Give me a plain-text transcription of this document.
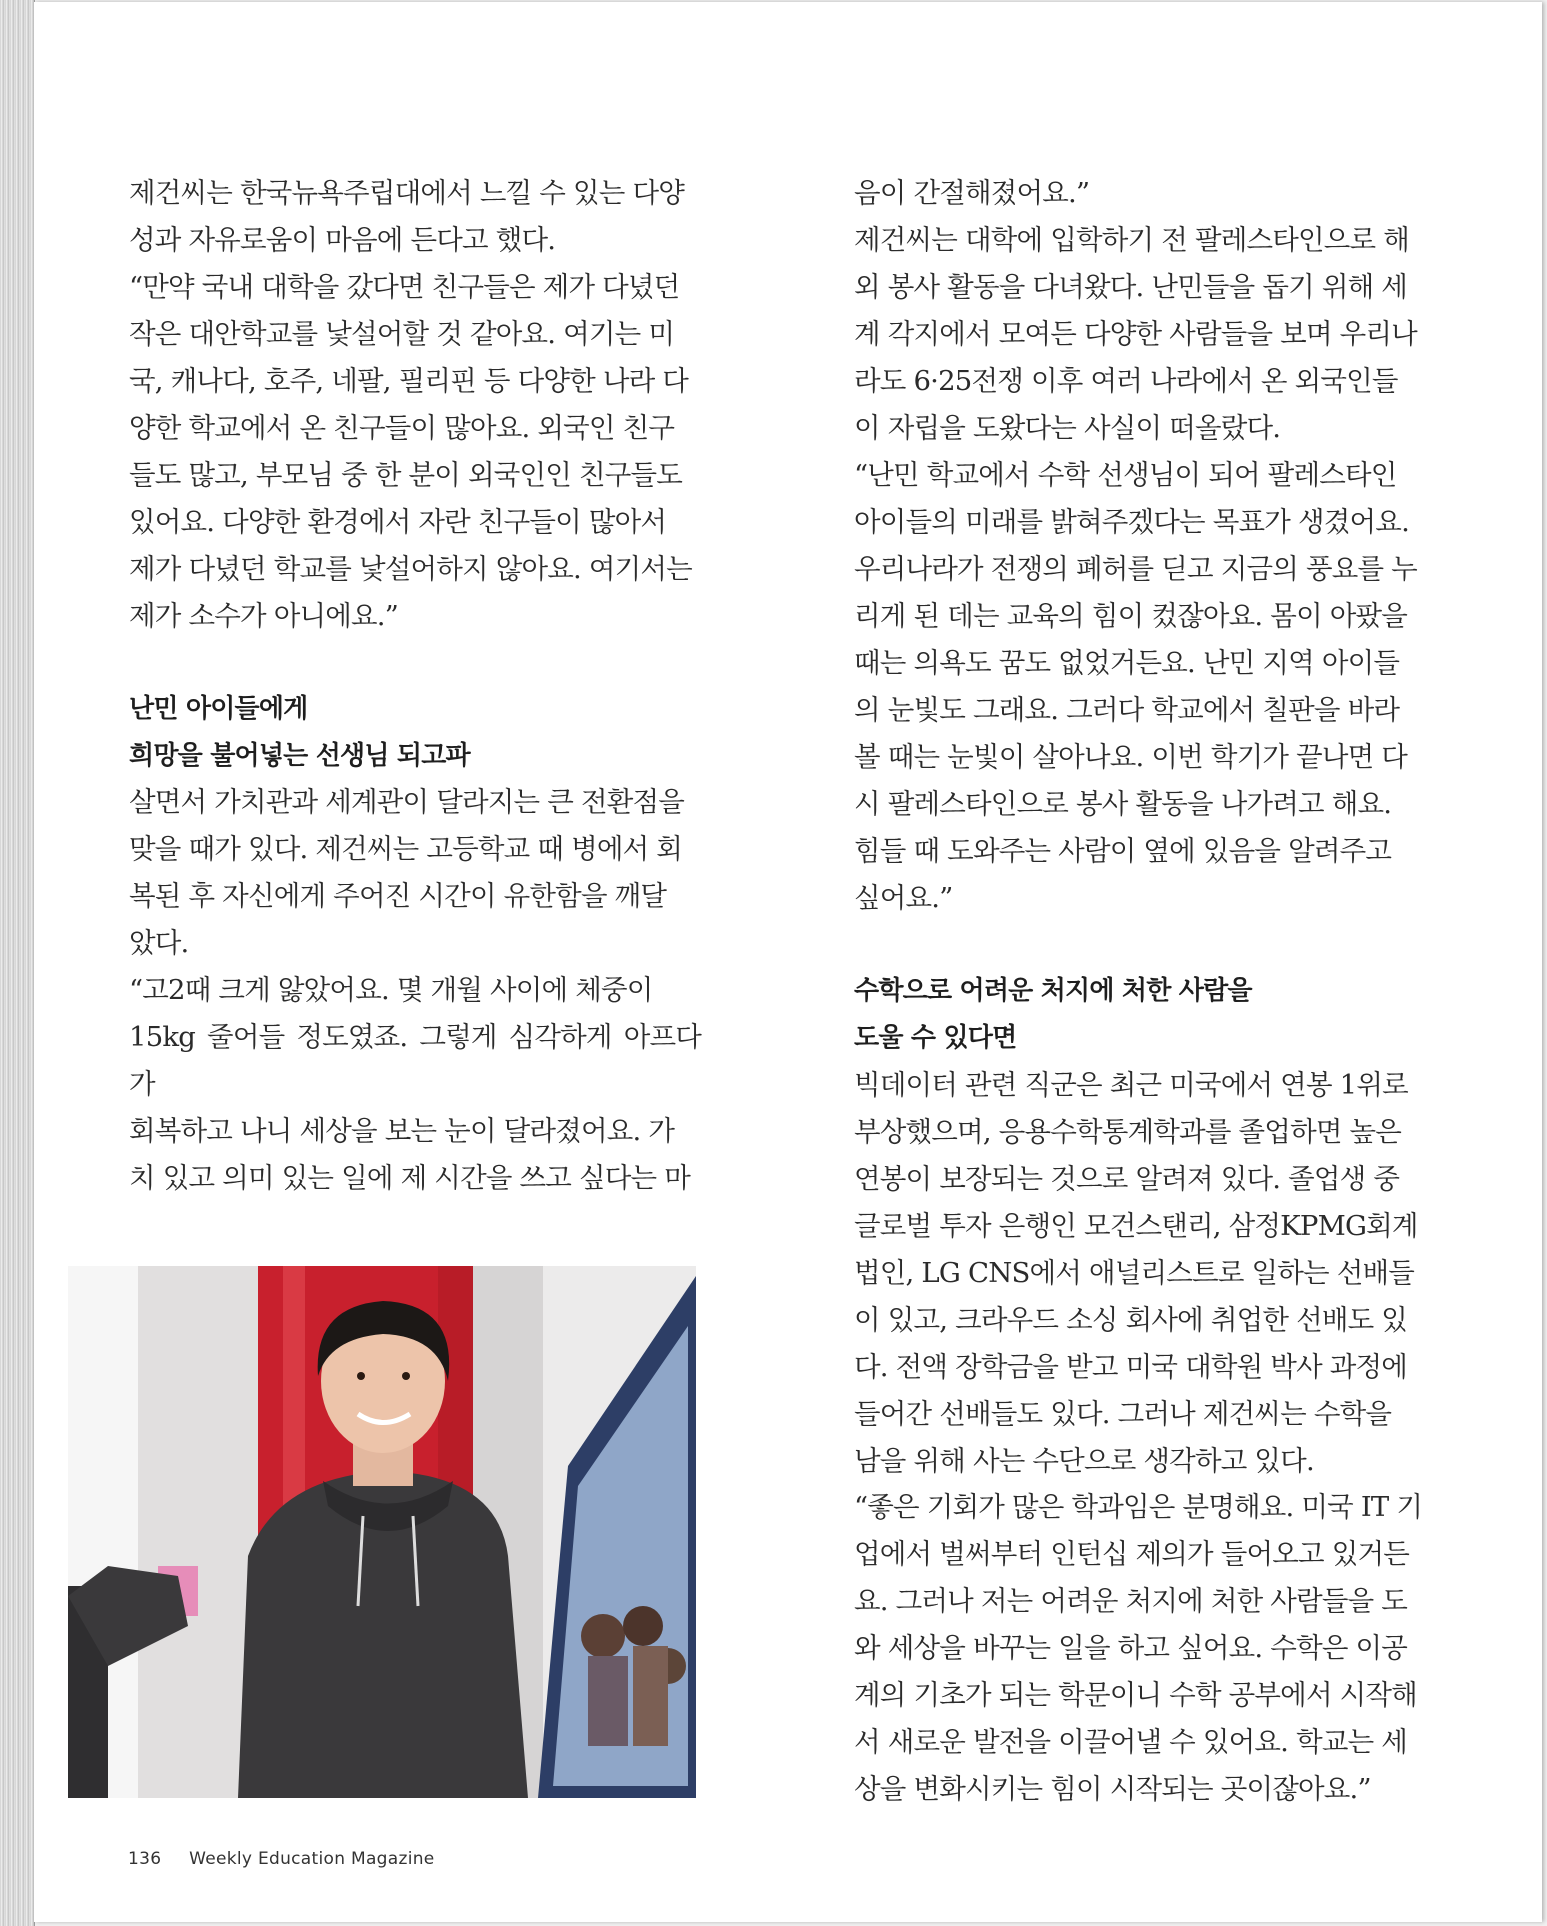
제건씨는 한국뉴욕주립대에서 느낄 수 있는 다양
성과 자유로움이 마음에 든다고 했다.

“만약 국내 대학을 갔다면 친구들은 제가 다녔던
작은 대안학교를 낯설어할 것 같아요. 여기는 미
국, 캐나다, 호주, 네팔, 필리핀 등 다양한 나라 다
양한 학교에서 온 친구들이 많아요. 외국인 친구
들도 많고, 부모님 중 한 분이 외국인인 친구들도
있어요. 다양한 환경에서 자란 친구들이 많아서
제가 다녔던 학교를 낯설어하지 않아요. 여기서는
제가 소수가 아니에요.”

난민 아이들에게
희망을 불어넣는 선생님 되고파

살면서 가치관과 세계관이 달라지는 큰 전환점을
맞을 때가 있다. 제건씨는 고등학교 때 병에서 회
복된 후 자신에게 주어진 시간이 유한함을 깨달
았다.

“고2때 크게 앓았어요. 몇 개월 사이에 체중이
15kg 줄어들 정도였죠. 그렇게 심각하게 아프다가
회복하고 나니 세상을 보는 눈이 달라졌어요. 가
치 있고 의미 있는 일에 제 시간을 쓰고 싶다는 마

음이 간절해졌어요.”

제건씨는 대학에 입학하기 전 팔레스타인으로 해
외 봉사 활동을 다녀왔다. 난민들을 돕기 위해 세
계 각지에서 모여든 다양한 사람들을 보며 우리나
라도 6·25전쟁 이후 여러 나라에서 온 외국인들
이 자립을 도왔다는 사실이 떠올랐다.

“난민 학교에서 수학 선생님이 되어 팔레스타인
아이들의 미래를 밝혀주겠다는 목표가 생겼어요.
우리나라가 전쟁의 폐허를 딛고 지금의 풍요를 누
리게 된 데는 교육의 힘이 컸잖아요. 몸이 아팠을
때는 의욕도 꿈도 없었거든요. 난민 지역 아이들
의 눈빛도 그래요. 그러다 학교에서 칠판을 바라
볼 때는 눈빛이 살아나요. 이번 학기가 끝나면 다
시 팔레스타인으로 봉사 활동을 나가려고 해요.
힘들 때 도와주는 사람이 옆에 있음을 알려주고
싶어요.”

수학으로 어려운 처지에 처한 사람을
도울 수 있다면

빅데이터 관련 직군은 최근 미국에서 연봉 1위로
부상했으며, 응용수학통계학과를 졸업하면 높은
연봉이 보장되는 것으로 알려져 있다. 졸업생 중
글로벌 투자 은행인 모건스탠리, 삼정KPMG회계
법인, LG CNS에서 애널리스트로 일하는 선배들
이 있고, 크라우드 소싱 회사에 취업한 선배도 있
다. 전액 장학금을 받고 미국 대학원 박사 과정에
들어간 선배들도 있다. 그러나 제건씨는 수학을
남을 위해 사는 수단으로 생각하고 있다.

“좋은 기회가 많은 학과임은 분명해요. 미국 IT 기
업에서 벌써부터 인턴십 제의가 들어오고 있거든
요. 그러나 저는 어려운 처지에 처한 사람들을 도
와 세상을 바꾸는 일을 하고 싶어요. 수학은 이공
계의 기초가 되는 학문이니 수학 공부에서 시작해
서 새로운 발전을 이끌어낼 수 있어요. 학교는 세
상을 변화시키는 힘이 시작되는 곳이잖아요.”

136 Weekly Education Magazine
